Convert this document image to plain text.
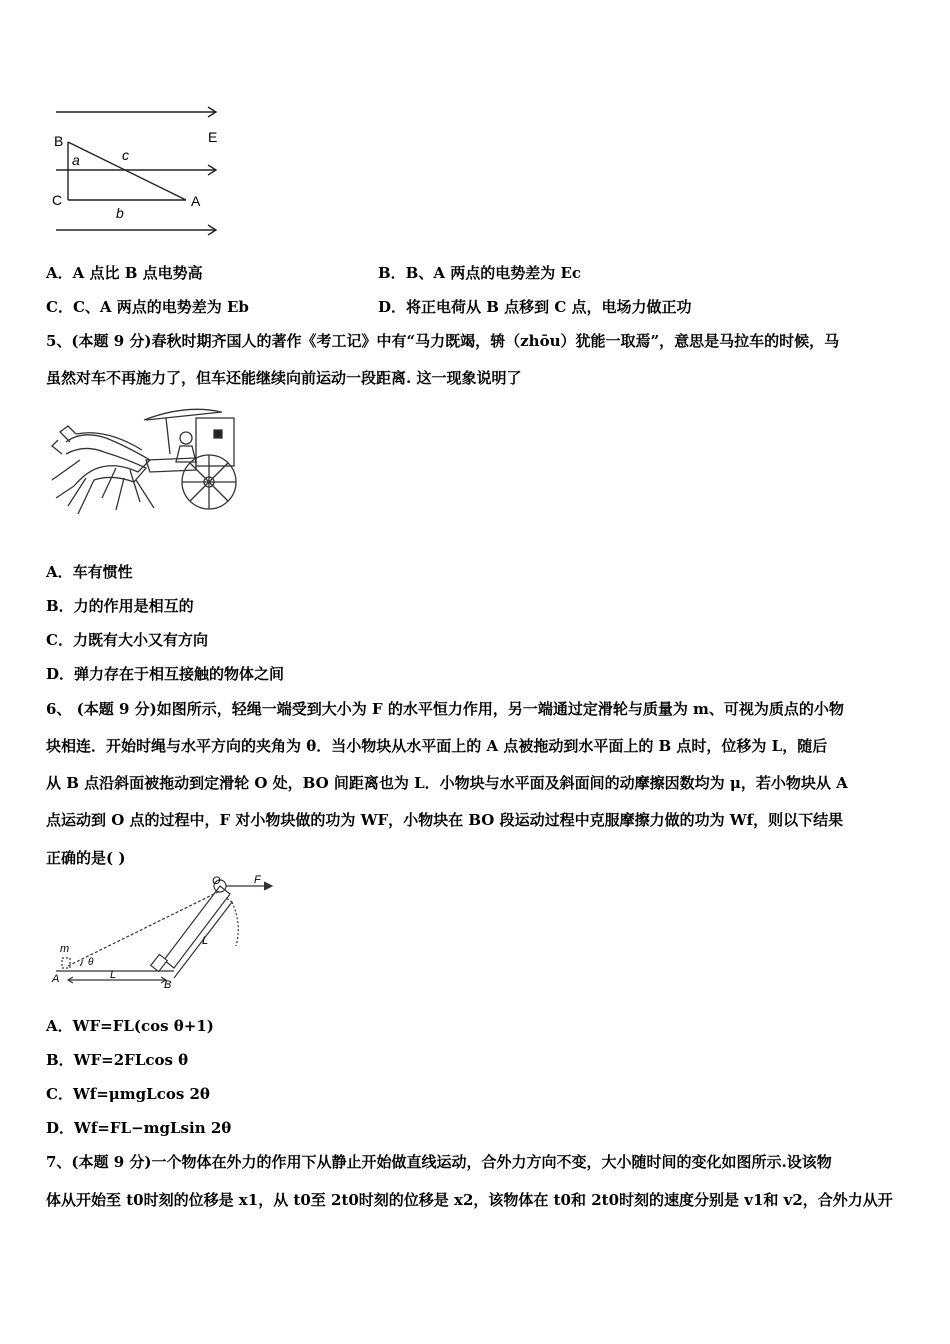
B	E
a	c
C	A
b
A．A 点比 B 点电势高	B．B、A 两点的电势差为 Ec
C．C、A 两点的电势差为 Eb	D．将正电荷从 B 点移到 C 点，电场力做正功
5、(本题 9 分)春秋时期齐国人的著作《考工记》中有“马力既竭，辀（zhōu）犹能一取焉”，意思是马拉车的时候，马
虽然对车不再施力了，但车还能继续向前运动一段距离. 这一现象说明了
A．车有惯性
B．力的作用是相互的
C．力既有大小又有方向
D．弹力存在于相互接触的物体之间
6、 (本题 9 分)如图所示，轻绳一端受到大小为 F 的水平恒力作用，另一端通过定滑轮与质量为 m、可视为质点的小物
块相连．开始时绳与水平方向的夹角为 θ．当小物块从水平面上的 A 点被拖动到水平面上的 B 点时，位移为 L，随后
从 B 点沿斜面被拖动到定滑轮 O 处，BO 间距离也为 L．小物块与水平面及斜面间的动摩擦因数均为 μ，若小物块从 A
点运动到 O 点的过程中，F 对小物块做的功为 WF，小物块在 BO 段运动过程中克服摩擦力做的功为 Wf，则以下结果
正确的是( )
O	F
m
θ
A	B
L
L
A．WF=FL(cos θ+1)
B．WF=2FLcos θ
C．Wf=μmgLcos 2θ
D．Wf=FL−mgLsin 2θ
7、(本题 9 分)一个物体在外力的作用下从静止开始做直线运动，合外力方向不变，大小随时间的变化如图所示.设该物
体从开始至 t0时刻的位移是 x1，从 t0至 2t0时刻的位移是 x2，该物体在 t0和 2t0时刻的速度分别是 v1和 v2，合外力从开
